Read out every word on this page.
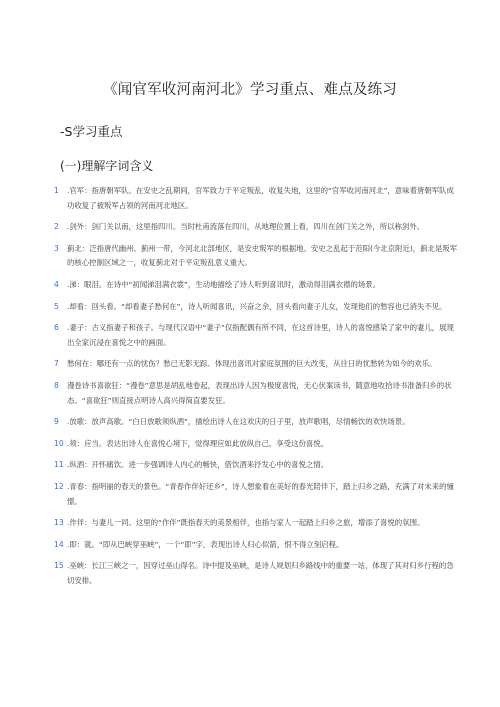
《闻官军收河南河北》学习重点、难点及练习
-S学习重点
(一)理解字词含义
1 .官军：指唐朝军队。在安史之乱期间，官军致力于平定叛乱，收复失地，这里的“官军收河南河北”，意味着唐朝军队成功收复了被叛军占领的河南河北地区。
2 .剑外：剑门关以南，这里指四川。当时杜甫流落在四川，从地理位置上看，四川在剑门关之外，所以称剑外。
3 蓟北：泛指唐代幽州、蓟州一带，今河北北部地区，是安史叛军的根据地。安史之乱起于范阳(今北京附近)，蓟北是叛军的核心控制区域之一，收复蓟北对于平定叛乱意义重大。
4 .涕：眼泪。在诗中“初闻涕泪满衣裳”，生动地描绘了诗人听到喜讯时，激动得泪满衣襟的场景。
5 .却看：回头看。“却看妻子愁何在”，诗人听闻喜讯，兴奋之余，回头看向妻子儿女，发现他们的愁容也已消失不见。
6 .妻子：古义指妻子和孩子。与现代汉语中“妻子”仅指配偶有所不同，在这首诗里，诗人的喜悦感染了家中的妻儿，展现出全家沉浸在喜悦之中的画面。
7 愁何在：哪还有一点的忧伤？愁已无影无踪。体现出喜讯对家庭氛围的巨大改变，从往日的忧愁转为如今的欢乐。
8 漫卷诗书喜欲狂：“漫卷”意思是胡乱地卷起，表现出诗人因为极度喜悦，无心伏案读书，随意地收拾诗书准备归乡的状态。“喜欲狂”则直接点明诗人高兴得简直要发狂。
9 .放歌：放声高歌。“白日放歌须纵酒”，描绘出诗人在这欢庆的日子里，放声歌唱，尽情畅饮的欢快场景。
10 .须：应当。表达出诗人在喜悦心境下，觉得理应如此放纵自己，享受这份喜悦。
11 .纵酒：开怀痛饮。进一步强调诗人内心的畅快，借饮酒来抒发心中的喜悦之情。
12 .青春：指明丽的春天的景色。“青春作伴好还乡”，诗人想象着在美好的春光陪伴下，踏上归乡之路，充满了对未来的憧憬。
13 .作伴：与妻儿一同。这里的“作伴”既指春天的美景相伴，也指与家人一起踏上归乡之旅，增添了喜悦的氛围。
14 .即：就。“即从巴峡穿巫峡”，一个“即”字，表现出诗人归心似箭，恨不得立刻启程。
15 .巫峡：长江三峡之一，因穿过巫山得名。诗中提及巫峡，是诗人规划归乡路线中的重要一站，体现了其对归乡行程的急切安排。
